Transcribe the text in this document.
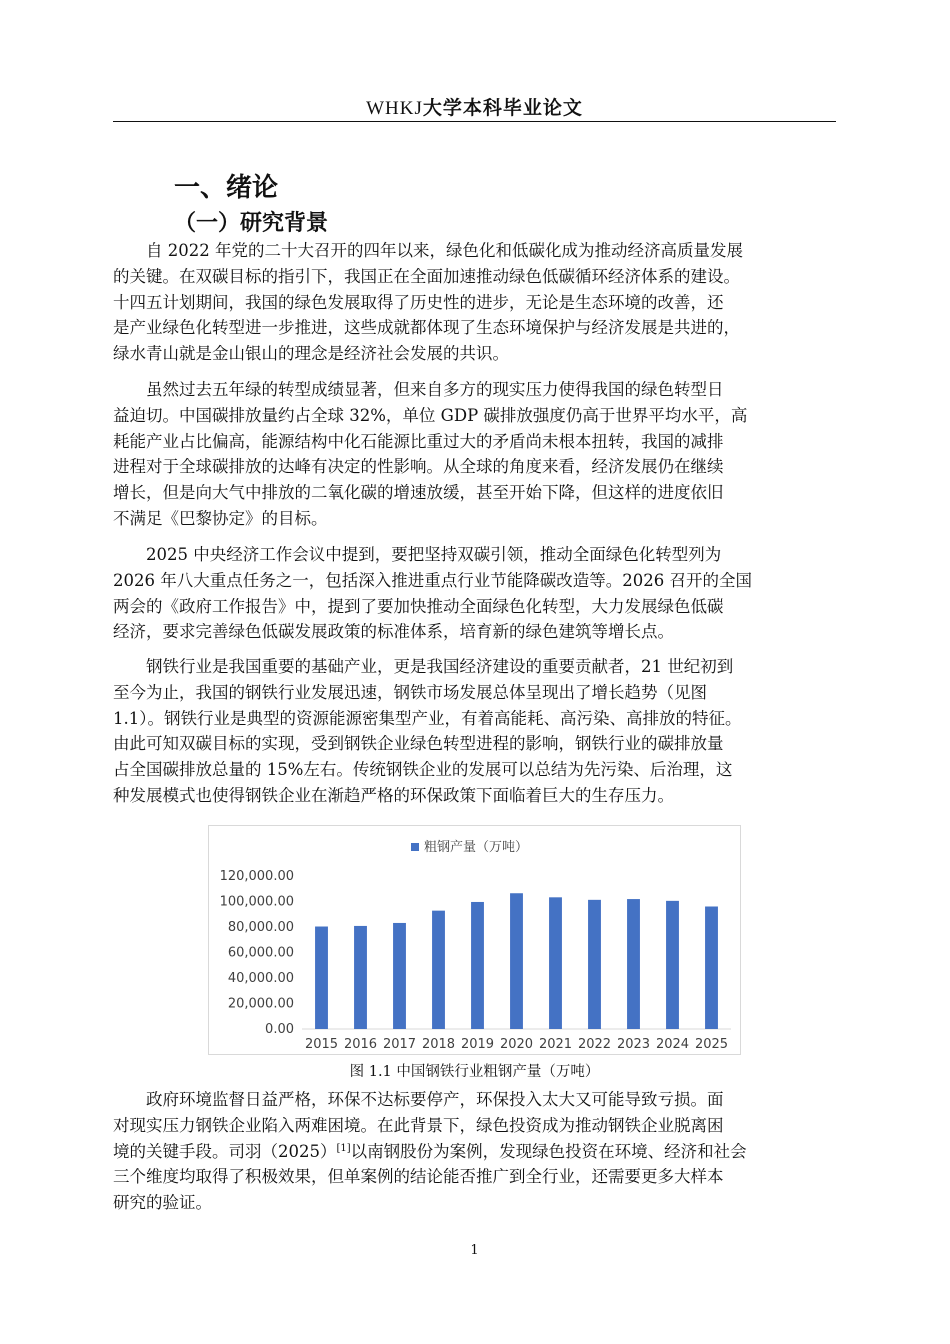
WHKJ大学本科毕业论文
一、绪论
（一）研究背景
　　自 2022 年党的二十大召开的四年以来，绿色化和低碳化成为推动经济高质量发展
的关键。在双碳目标的指引下，我国正在全面加速推动绿色低碳循环经济体系的建设。
十四五计划期间，我国的绿色发展取得了历史性的进步，无论是生态环境的改善，还
是产业绿色化转型进一步推进，这些成就都体现了生态环境保护与经济发展是共进的，
绿水青山就是金山银山的理念是经济社会发展的共识。
　　虽然过去五年绿的转型成绩显著，但来自多方的现实压力使得我国的绿色转型日
益迫切。中国碳排放量约占全球 32%，单位 GDP 碳排放强度仍高于世界平均水平，高
耗能产业占比偏高，能源结构中化石能源比重过大的矛盾尚未根本扭转，我国的减排
进程对于全球碳排放的达峰有决定的性影响。从全球的角度来看，经济发展仍在继续
增长，但是向大气中排放的二氧化碳的增速放缓，甚至开始下降，但这样的进度依旧
不满足《巴黎协定》的目标。
　　2025 中央经济工作会议中提到，要把坚持双碳引领，推动全面绿色化转型列为
2026 年八大重点任务之一，包括深入推进重点行业节能降碳改造等。2026 召开的全国
两会的《政府工作报告》中，提到了要加快推动全面绿色化转型，大力发展绿色低碳
经济，要求完善绿色低碳发展政策的标准体系，培育新的绿色建筑等增长点。
　　钢铁行业是我国重要的基础产业，更是我国经济建设的重要贡献者，21 世纪初到
至今为止，我国的钢铁行业发展迅速，钢铁市场发展总体呈现出了增长趋势（见图
1.1）。钢铁行业是典型的资源能源密集型产业，有着高能耗、高污染、高排放的特征。
由此可知双碳目标的实现，受到钢铁企业绿色转型进程的影响，钢铁行业的碳排放量
占全国碳排放总量的 15%左右。传统钢铁企业的发展可以总结为先污染、后治理，这
种发展模式也使得钢铁企业在渐趋严格的环保政策下面临着巨大的生存压力。
粗钢产量（万吨）
0.00
20,000.00
40,000.00
60,000.00
80,000.00
100,000.00
120,000.00
2015 2016 2017 2018 2019 2020 2021 2022 2023 2024 2025
图 1.1 中国钢铁行业粗钢产量（万吨）
　　政府环境监督日益严格，环保不达标要停产，环保投入太大又可能导致亏损。面
对现实压力钢铁企业陷入两难困境。在此背景下，绿色投资成为推动钢铁企业脱离困
境的关键手段。司羽（2025）[1]以南钢股份为案例，发现绿色投资在环境、经济和社会
三个维度均取得了积极效果，但单案例的结论能否推广到全行业，还需要更多大样本
研究的验证。
1
